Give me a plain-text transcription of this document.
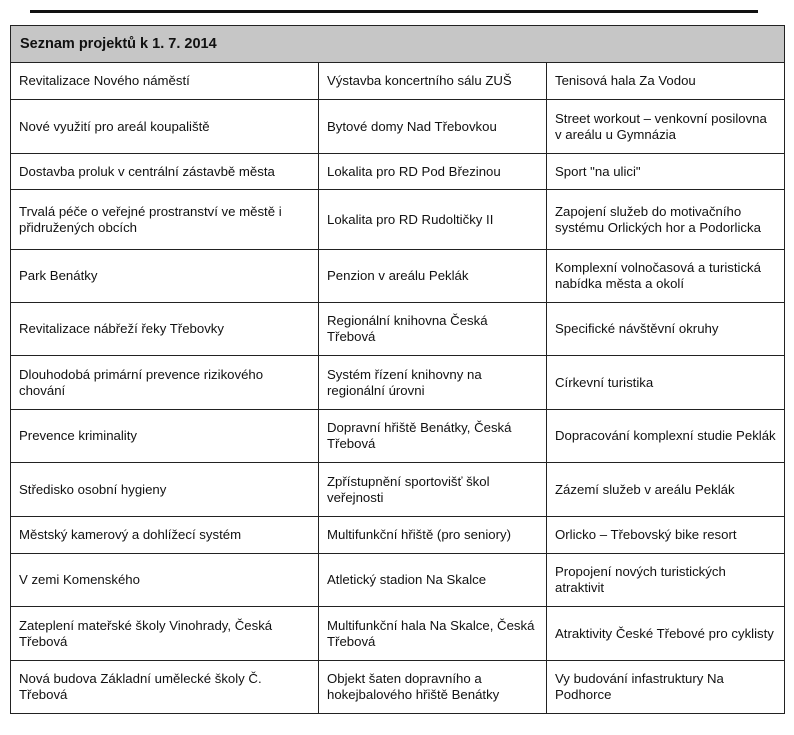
Seznam projektů k 1. 7. 2014		
Revitalizace Nového náměstí	Výstavba koncertního sálu ZUŠ	Tenisová hala Za Vodou
Nové využití pro areál koupaliště	Bytové domy Nad Třebovkou	Street workout – venkovní posilovna v areálu u Gymnázia
Dostavba proluk v centrální zástavbě města	Lokalita pro RD Pod Březinou	Sport "na ulici"
Trvalá péče o veřejné prostranství ve městě i přidružených obcích	Lokalita pro RD Rudoltičky II	Zapojení služeb do motivačního systému Orlických hor a Podorlicka
Park Benátky	Penzion v areálu Peklák	Komplexní volnočasová a turistická nabídka města a okolí
Revitalizace nábřeží řeky Třebovky	Regionální knihovna Česká Třebová	Specifické návštěvní okruhy
Dlouhodobá primární prevence rizikového chování	Systém řízení knihovny na regionální úrovni	Církevní turistika
Prevence kriminality	Dopravní hřiště Benátky, Česká Třebová	Dopracování komplexní studie Peklák
Středisko osobní hygieny	Zpřístupnění sportovišť škol veřejnosti	Zázemí služeb v areálu Peklák
Městský kamerový a dohlížecí systém	Multifunkční hřiště (pro seniory)	Orlicko – Třebovský bike resort
V zemi Komenského	Atletický stadion Na Skalce	Propojení nových turistických atraktivit
Zateplení mateřské školy Vinohrady, Česká Třebová	Multifunkční hala Na Skalce, Česká Třebová	Atraktivity České Třebové pro cyklisty
Nová budova Základní umělecké školy Č. Třebová	Objekt šaten dopravního a hokejbalového hřiště Benátky	Vy budování infastruktury Na Podhorce
